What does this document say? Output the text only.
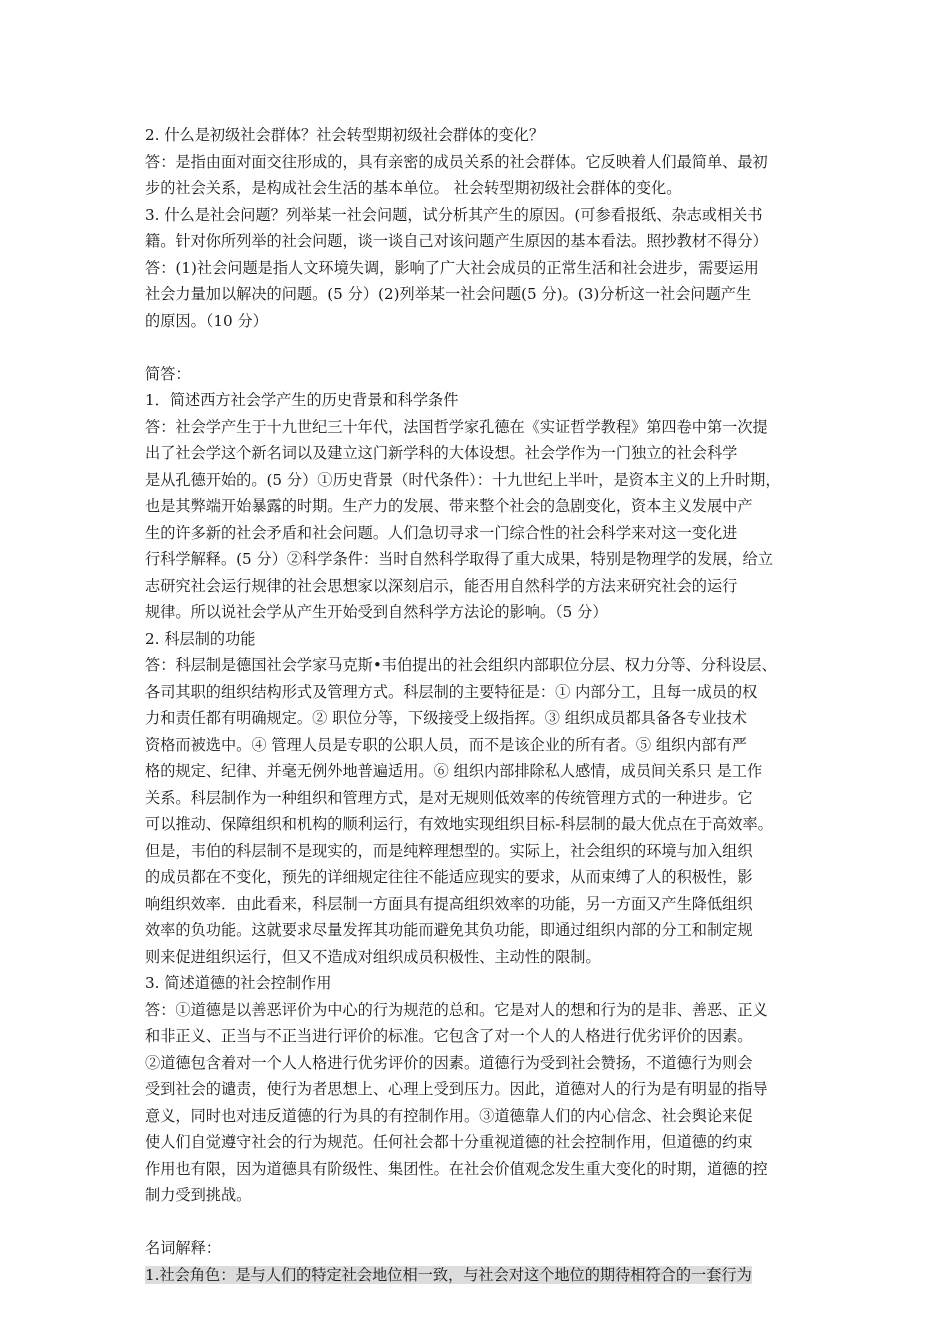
2. 什么是初级社会群体？社会转型期初级社会群体的变化？
答：是指由面对面交往形成的，具有亲密的成员关系的社会群体。它反映着人们最简单、最初
步的社会关系，是构成社会生活的基本单位。 社会转型期初级社会群体的变化。
3. 什么是社会问题？列举某一社会问题，试分析其产生的原因。(可参看报纸、杂志或相关书
籍。针对你所列举的社会问题，谈一谈自己对该问题产生原因的基本看法。照抄教材不得分）
答：(1)社会问题是指人文环境失调，影响了广大社会成员的正常生活和社会进步，需要运用
社会力量加以解决的问题。(5 分）(2)列举某一社会问题(5 分)。(3)分析这一社会问题产生
的原因。（10 分）
简答：
1．简述西方社会学产生的历史背景和科学条件
答：社会学产生于十九世纪三十年代，法国哲学家孔德在《实证哲学教程》第四卷中第一次提
出了社会学这个新名词以及建立这门新学科的大体设想。社会学作为一门独立的社会科学
是从孔德开始的。(5 分）①历史背景（时代条件）：十九世纪上半叶，是资本主义的上升时期，
也是其弊端开始暴露的时期。生产力的发展、带来整个社会的急剧变化，资本主义发展中产
生的许多新的社会矛盾和社会问题。人们急切寻求一门综合性的社会科学来对这一变化进
行科学解释。(5 分）②科学条件：当时自然科学取得了重大成果，特别是物理学的发展，给立
志研究社会运行规律的社会思想家以深刻启示，能否用自然科学的方法来研究社会的运行
规律。所以说社会学从产生开始受到自然科学方法论的影响。（5 分）
2. 科层制的功能
答：科层制是德国社会学家马克斯•韦伯提出的社会组织内部职位分层、权力分等、分科设层、
各司其职的组织结构形式及管理方式。科层制的主要特征是：① 内部分工，且每一成员的权
力和责任都有明确规定。② 职位分等，下级接受上级指挥。③ 组织成员都具备各专业技术
资格而被选中。④ 管理人员是专职的公职人员，而不是该企业的所有者。⑤ 组织内部有严
格的规定、纪律、并毫无例外地普遍适用。⑥ 组织内部排除私人感情，成员间关系只 是工作
关系。科层制作为一种组织和管理方式，是对无规则低效率的传统管理方式的一种进步。它
可以推动、保障组织和机构的顺利运行，有效地实现组织目标-科层制的最大优点在于高效率。
但是，韦伯的科层制不是现实的，而是纯粹理想型的。实际上，社会组织的环境与加入组织
的成员都在不变化，预先的详细规定往往不能适应现实的要求，从而束缚了人的积极性，影
响组织效率．由此看来，科层制一方面具有提高组织效率的功能，另一方面又产生降低组织
效率的负功能。这就要求尽量发挥其功能而避免其负功能，即通过组织内部的分工和制定规
则来促进组织运行，但又不造成对组织成员积极性、主动性的限制。
3. 简述道德的社会控制作用
答：①道德是以善恶评价为中心的行为规范的总和。它是对人的想和行为的是非、善恶、正义
和非正义、正当与不正当进行评价的标准。它包含了对一个人的人格进行优劣评价的因素。
②道德包含着对一个人人格进行优劣评价的因素。道德行为受到社会赞扬，不道德行为则会
受到社会的谴责，使行为者思想上、心理上受到压力。因此，道德对人的行为是有明显的指导
意义，同时也对违反道德的行为具的有控制作用。③道德靠人们的内心信念、社会舆论来促
使人们自觉遵守社会的行为规范。任何社会都十分重视道德的社会控制作用，但道德的约束
作用也有限，因为道德具有阶级性、集团性。在社会价值观念发生重大变化的时期，道德的控
制力受到挑战。
名词解释：
1.社会角色：是与人们的特定社会地位相一致，与社会对这个地位的期待相符合的一套行为
